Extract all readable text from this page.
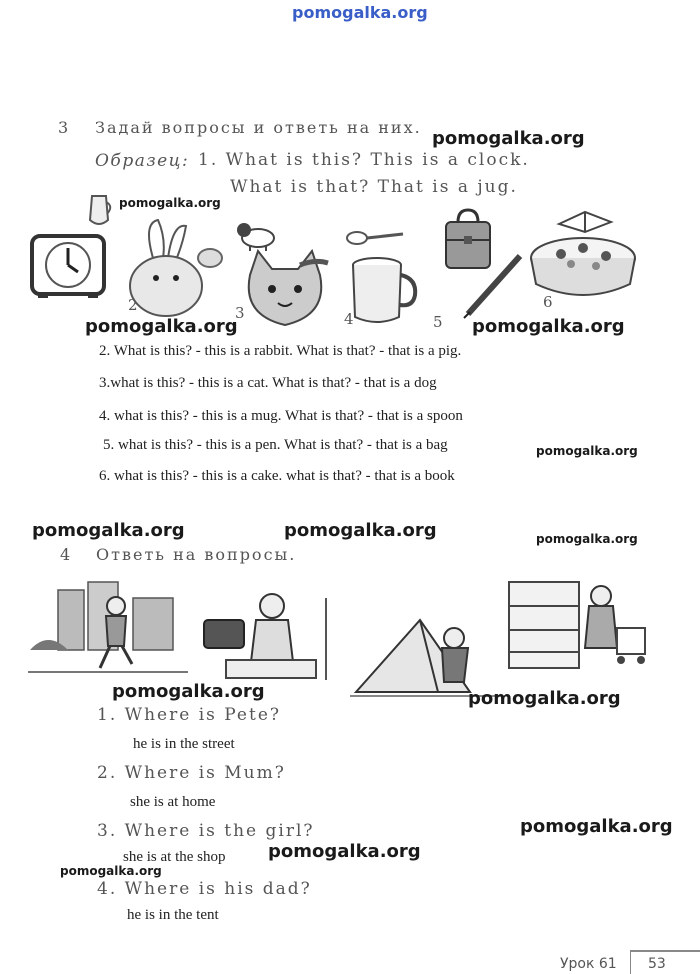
pomogalka.org
3 Задай вопросы и ответь на них.
Образец: 1. What is this? This is a clock.
What is that? That is a jug.
2	3	4	5
6
2. What is this? - this is a rabbit. What is that? - that is a pig.
3.what is this? - this is a cat. What is that? - that is a dog
4. what is this? - this is a mug. What is that? - that is a spoon
5. what is this? - this is a pen. What is that? - that is a bag
6. what is this? - this is a cake. what is that? - that is a book
4 Ответь на вопросы.
1. Where is Pete?
he is in the street
2. Where is Mum?
she is at home
3. Where is the girl?
she is at the shop
4. Where is his dad?
he is in the tent
Урок 61 53
pomogalka.org
pomogalka.org
pomogalka.org	pomogalka.org
pomogalka.org
pomogalka.org	pomogalka.org	pomogalka.org
pomogalka.org	pomogalka.org
pomogalka.org
pomogalka.org
pomogalka.org
